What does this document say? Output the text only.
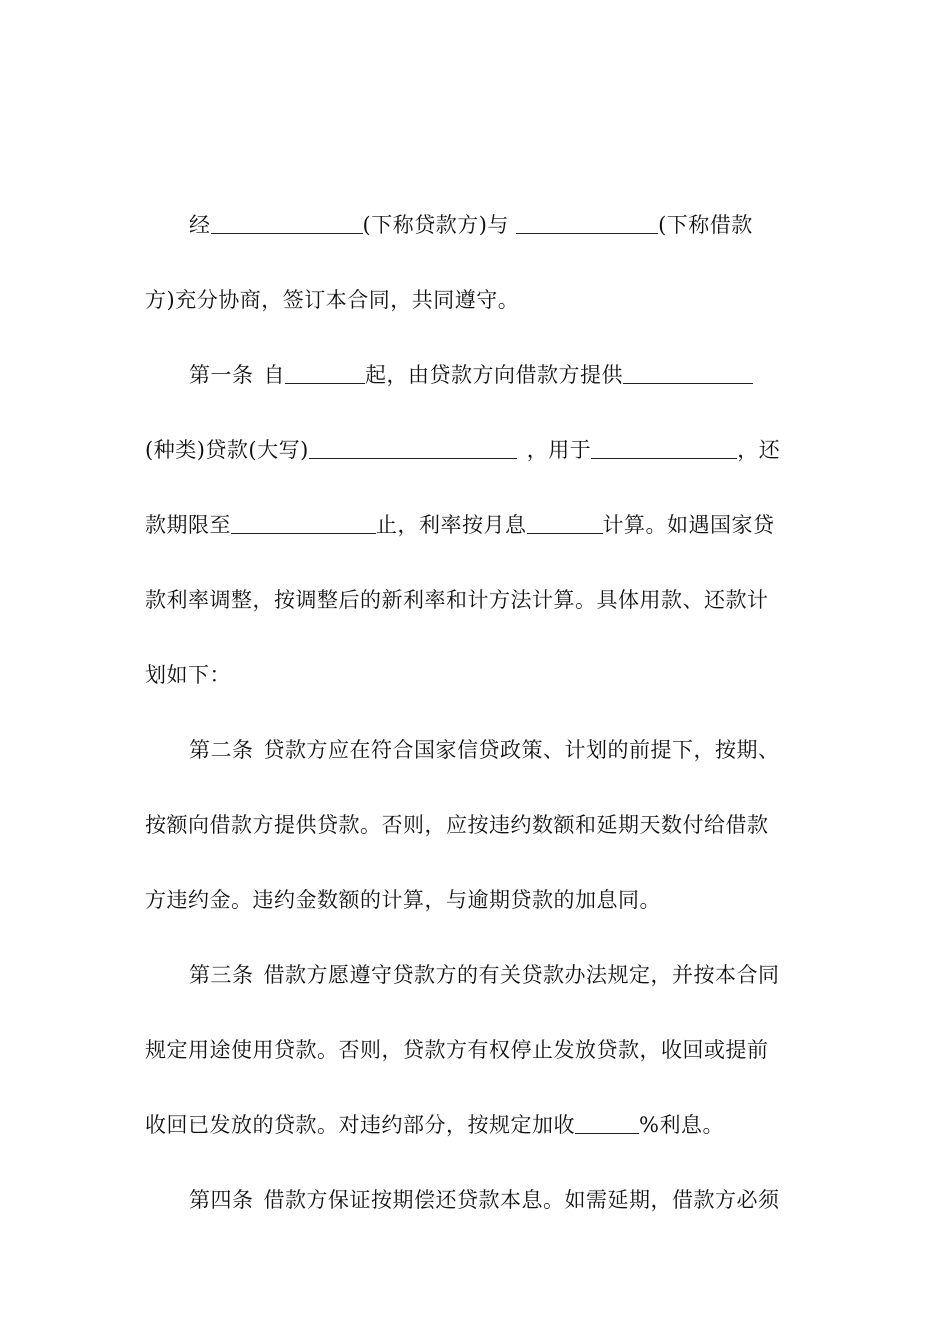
经	(下称贷款方)与	(下称借款
方)充分协商，签订本合同，共同遵守。
第一条 自	起，由贷款方向借款方提供
(种类)贷款(大写)	，用于	，还
款期限至	止，利率按月息	计算。如遇国家贷
款利率调整，按调整后的新利率和计方法计算。具体用款、还款计
划如下：
第二条 贷款方应在符合国家信贷政策、计划的前提下，按期、
按额向借款方提供贷款。否则，应按违约数额和延期天数付给借款
方违约金。违约金数额的计算，与逾期贷款的加息同。
第三条 借款方愿遵守贷款方的有关贷款办法规定，并按本合同
规定用途使用贷款。否则，贷款方有权停止发放贷款，收回或提前
收回已发放的贷款。对违约部分，按规定加收	%利息。
第四条 借款方保证按期偿还贷款本息。如需延期，借款方必须
